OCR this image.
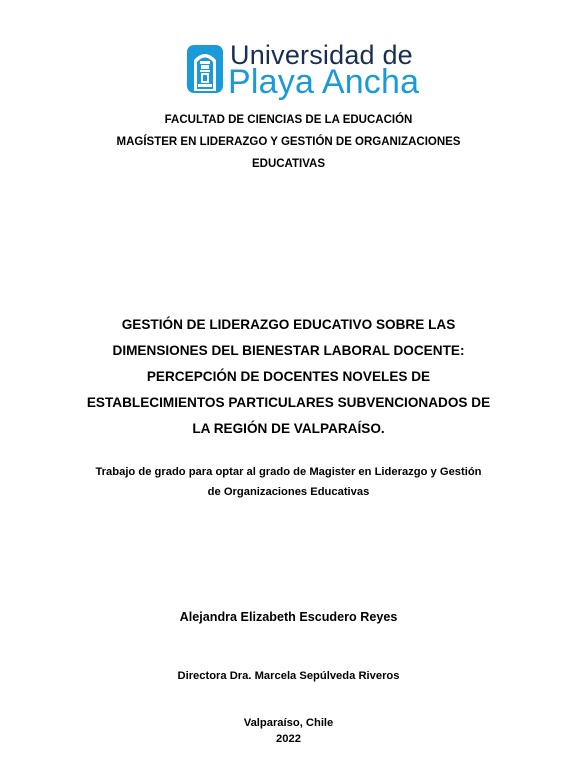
Universidad de
Playa Ancha
FACULTAD DE CIENCIAS DE LA EDUCACIÓN
MAGÍSTER EN LIDERAZGO Y GESTIÓN DE ORGANIZACIONES
EDUCATIVAS
GESTIÓN DE LIDERAZGO EDUCATIVO SOBRE LAS
DIMENSIONES DEL BIENESTAR LABORAL DOCENTE:
PERCEPCIÓN DE DOCENTES NOVELES DE
ESTABLECIMIENTOS PARTICULARES SUBVENCIONADOS DE
LA REGIÓN DE VALPARAÍSO.
Trabajo de grado para optar al grado de Magister en Liderazgo y Gestión
de Organizaciones Educativas
Alejandra Elizabeth Escudero Reyes
Directora Dra. Marcela Sepúlveda Riveros
Valparaíso, Chile
2022
